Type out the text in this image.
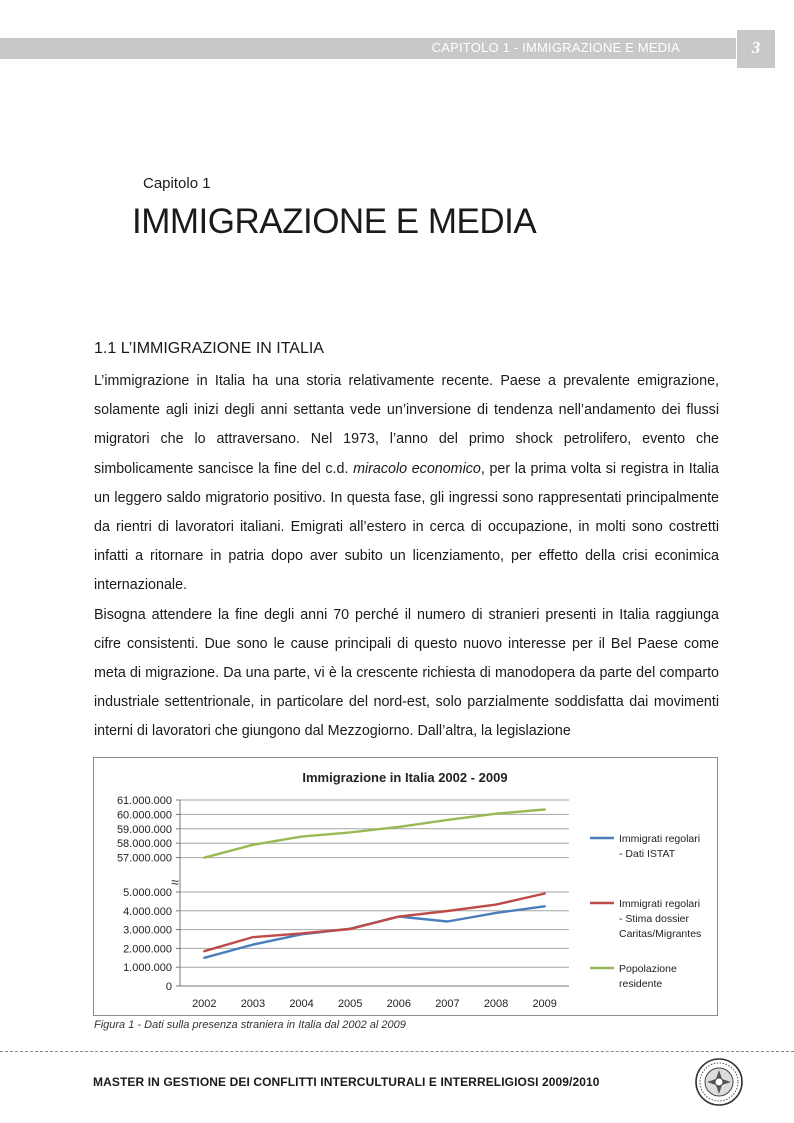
CAPITOLO 1 - IMMIGRAZIONE E MEDIA	3
Capitolo 1
IMMIGRAZIONE E MEDIA
1.1 L’IMMIGRAZIONE IN ITALIA

L’immigrazione in Italia ha una storia relativamente recente. Paese a prevalente emigrazione, solamente agli inizi degli anni settanta vede un’inversione di tendenza nell’andamento dei flussi migratori che lo attraversano. Nel 1973, l’anno del primo shock petrolifero, evento che simbolicamente sancisce la fine del c.d. miracolo economico, per la prima volta si registra in Italia un leggero saldo migratorio positivo. In questa fase, gli ingressi sono rappresentati principalmente da rientri di lavoratori italiani. Emigrati all’estero in cerca di occupazione, in molti sono costretti infatti a ritornare in patria dopo aver subito un licenziamento, per effetto della crisi econimica internazionale.

Bisogna attendere la fine degli anni 70 perché il numero di stranieri presenti in Italia raggiunga cifre consistenti. Due sono le cause principali di questo nuovo interesse per il Bel Paese come meta di migrazione. Da una parte, vi è la crescente richiesta di manodopera da parte del comparto industriale settentrionale, in particolare del nord-est, solo parzialmente soddisfatta dai movimenti interni di lavoratori che giungono dal Mezzogiorno. Dall’altra, la legislazione

Immigrazione in Italia 2002 - 2009
57.000.000
58.000.000
59.000.000
60.000.000
61.000.000
0
1.000.000
2.000.000
3.000.000
4.000.000
5.000.000
≈
2002 2003 2004 2005 2006 2007 2008 2009
Immigrati regolari
- Dati ISTAT
Immigrati regolari
- Stima dossier
Caritas/Migrantes
Popolazione
residente
Figura 1 - Dati sulla presenza straniera in Italia dal 2002 al 2009
MASTER IN GESTIONE DEI CONFLITTI INTERCULTURALI E INTERRELIGIOSI 2009/2010
